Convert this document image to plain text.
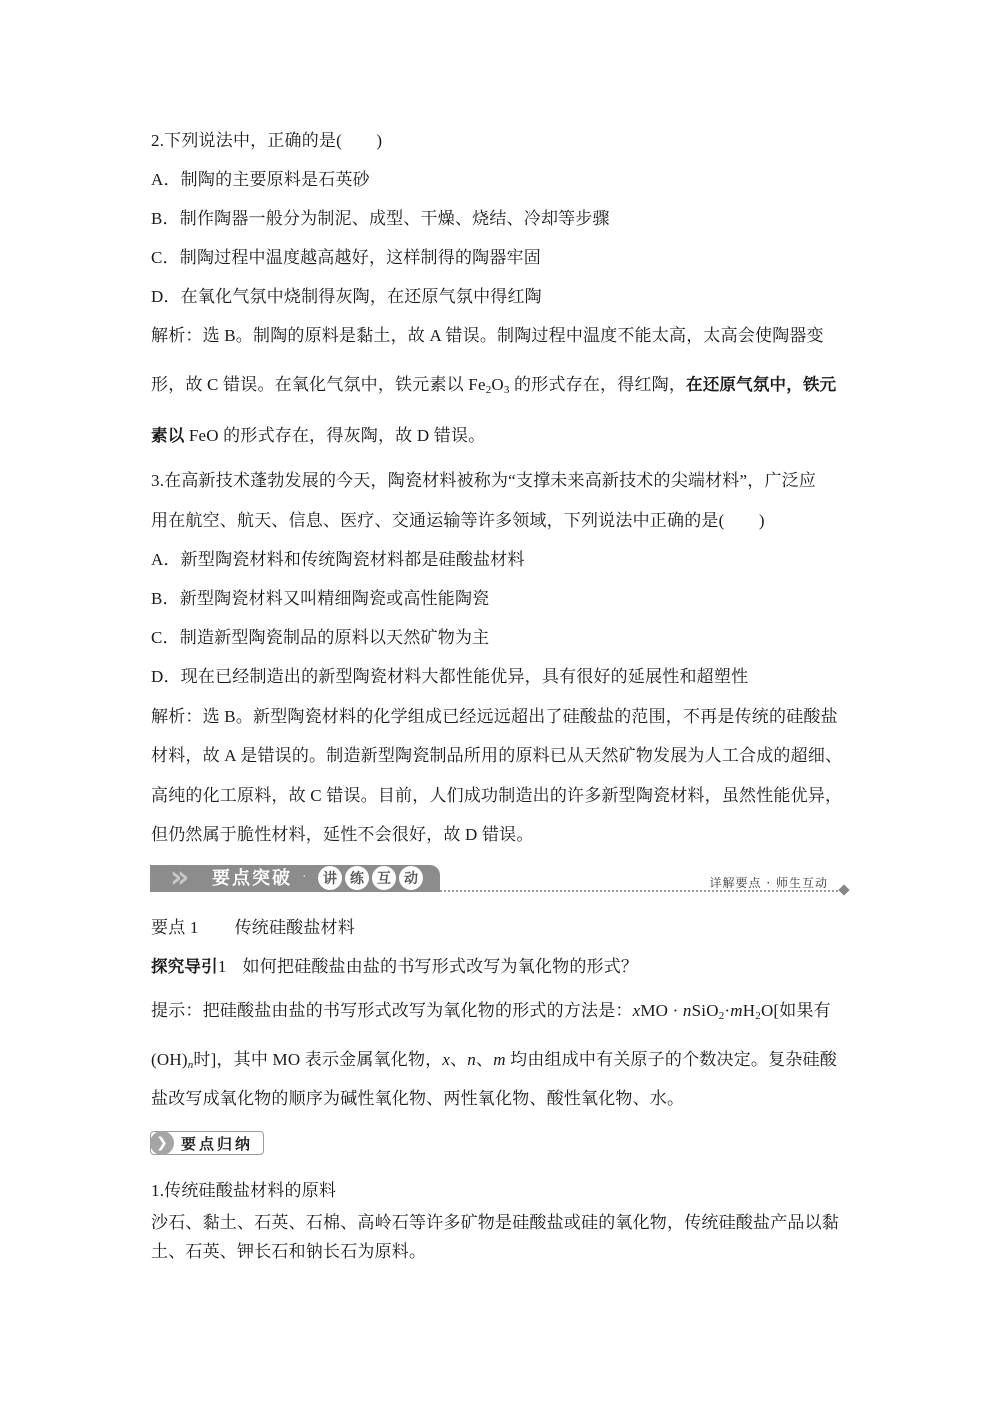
2.下列说法中，正确的是(　　)
A．制陶的主要原料是石英砂
B．制作陶器一般分为制泥、成型、干燥、烧结、冷却等步骤
C．制陶过程中温度越高越好，这样制得的陶器牢固
D．在氧化气氛中烧制得灰陶，在还原气氛中得红陶
解析：选 B。制陶的原料是黏土，故 A 错误。制陶过程中温度不能太高，太高会使陶器变
形，故 C 错误。在氧化气氛中，铁元素以 $Fe_2O_3$ 的形式存在，得红陶，在还原气氛中，铁元
素以 FeO 的形式存在，得灰陶，故 D 错误。
3.在高新技术蓬勃发展的今天，陶瓷材料被称为“支撑未来高新技术的尖端材料”，广泛应
用在航空、航天、信息、医疗、交通运输等许多领域，下列说法中正确的是(　　)
A．新型陶瓷材料和传统陶瓷材料都是硅酸盐材料
B．新型陶瓷材料又叫精细陶瓷或高性能陶瓷
C．制造新型陶瓷制品的原料以天然矿物为主
D．现在已经制造出的新型陶瓷材料大都性能优异，具有很好的延展性和超塑性
解析：选 B。新型陶瓷材料的化学组成已经远远超出了硅酸盐的范围，不再是传统的硅酸盐
材料，故 A 是错误的。制造新型陶瓷制品所用的原料已从天然矿物发展为人工合成的超细、
高纯的化工原料，故 C 错误。目前，人们成功制造出的许多新型陶瓷材料，虽然性能优异，
但仍然属于脆性材料，延性不会很好，故 D 错误。
» 要点突破 ·	讲 练 互 动	详解要点 · 师生互动
要点 1 传统硅酸盐材料
探究导引1 如何把硅酸盐由盐的书写形式改写为氧化物的形式？
提示：把硅酸盐由盐的书写形式改写为氧化物的形式的方法是：xMO · $nSiO_2\cdot mH_2O$[如果有
$(OH)_n$时]，其中 MO 表示金属氧化物，x、n、m 均由组成中有关原子的个数决定。复杂硅酸
盐改写成氧化物的顺序为碱性氧化物、两性氧化物、酸性氧化物、水。
❯ 要点归纳
1.传统硅酸盐材料的原料
沙石、黏土、石英、石棉、高岭石等许多矿物是硅酸盐或硅的氧化物，传统硅酸盐产品以黏
土、石英、钾长石和钠长石为原料。
